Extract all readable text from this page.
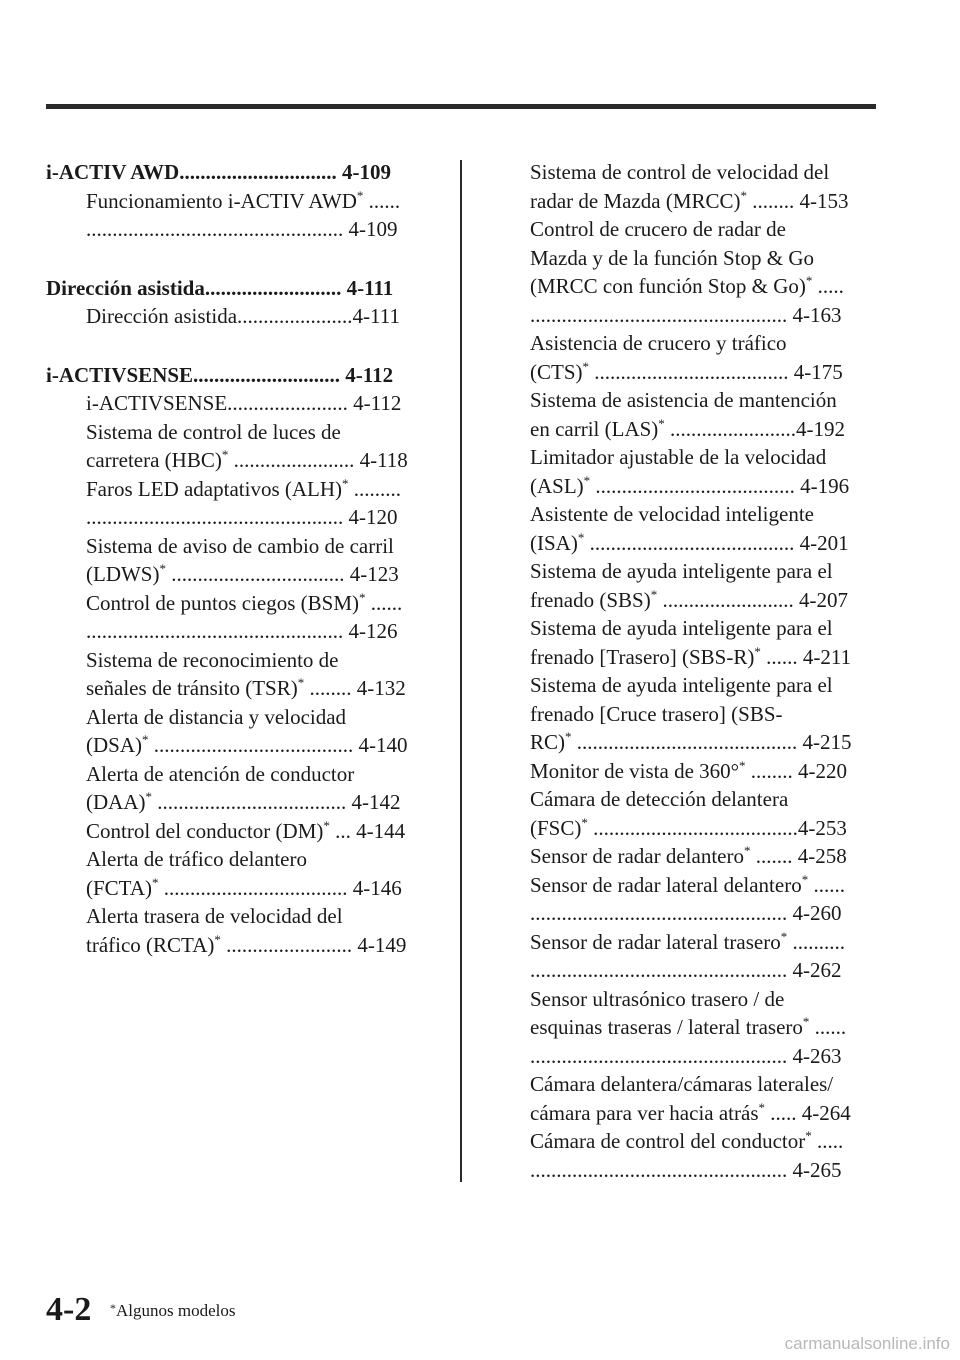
i-ACTIV AWD.............................. 4-109
Funcionamiento i-ACTIV AWD* ......
................................................. 4-109
Dirección asistida.......................... 4-111
Dirección asistida......................4-111
i-ACTIVSENSE............................ 4-112
i-ACTIVSENSE....................... 4-112
Sistema de control de luces de
carretera (HBC)* ....................... 4-118
Faros LED adaptativos (ALH)* .........
................................................. 4-120
Sistema de aviso de cambio de carril
(LDWS)* ................................. 4-123
Control de puntos ciegos (BSM)* ......
................................................. 4-126
Sistema de reconocimiento de
señales de tránsito (TSR)* ........ 4-132
Alerta de distancia y velocidad
(DSA)* ...................................... 4-140
Alerta de atención de conductor
(DAA)* .................................... 4-142
Control del conductor (DM)* ... 4-144
Alerta de tráfico delantero
(FCTA)* ................................... 4-146
Alerta trasera de velocidad del
tráfico (RCTA)* ........................ 4-149
Sistema de control de velocidad del
radar de Mazda (MRCC)* ........ 4-153
Control de crucero de radar de
Mazda y de la función Stop & Go
(MRCC con función Stop & Go)* .....
................................................. 4-163
Asistencia de crucero y tráfico
(CTS)* ..................................... 4-175
Sistema de asistencia de mantención
en carril (LAS)* ........................4-192
Limitador ajustable de la velocidad
(ASL)* ...................................... 4-196
Asistente de velocidad inteligente
(ISA)* ....................................... 4-201
Sistema de ayuda inteligente para el
frenado (SBS)* ......................... 4-207
Sistema de ayuda inteligente para el
frenado [Trasero] (SBS-R)* ...... 4-211
Sistema de ayuda inteligente para el
frenado [Cruce trasero] (SBS-
RC)* .......................................... 4-215
Monitor de vista de 360°* ........ 4-220
Cámara de detección delantera
(FSC)* .......................................4-253
Sensor de radar delantero* ....... 4-258
Sensor de radar lateral delantero* ......
................................................. 4-260
Sensor de radar lateral trasero* ..........
................................................. 4-262
Sensor ultrasónico trasero / de
esquinas traseras / lateral trasero* ......
................................................. 4-263
Cámara delantera/cámaras laterales/
cámara para ver hacia atrás* ..... 4-264
Cámara de control del conductor* .....
................................................. 4-265
4-2 *Algunos modelos
carmanualsonline.info
